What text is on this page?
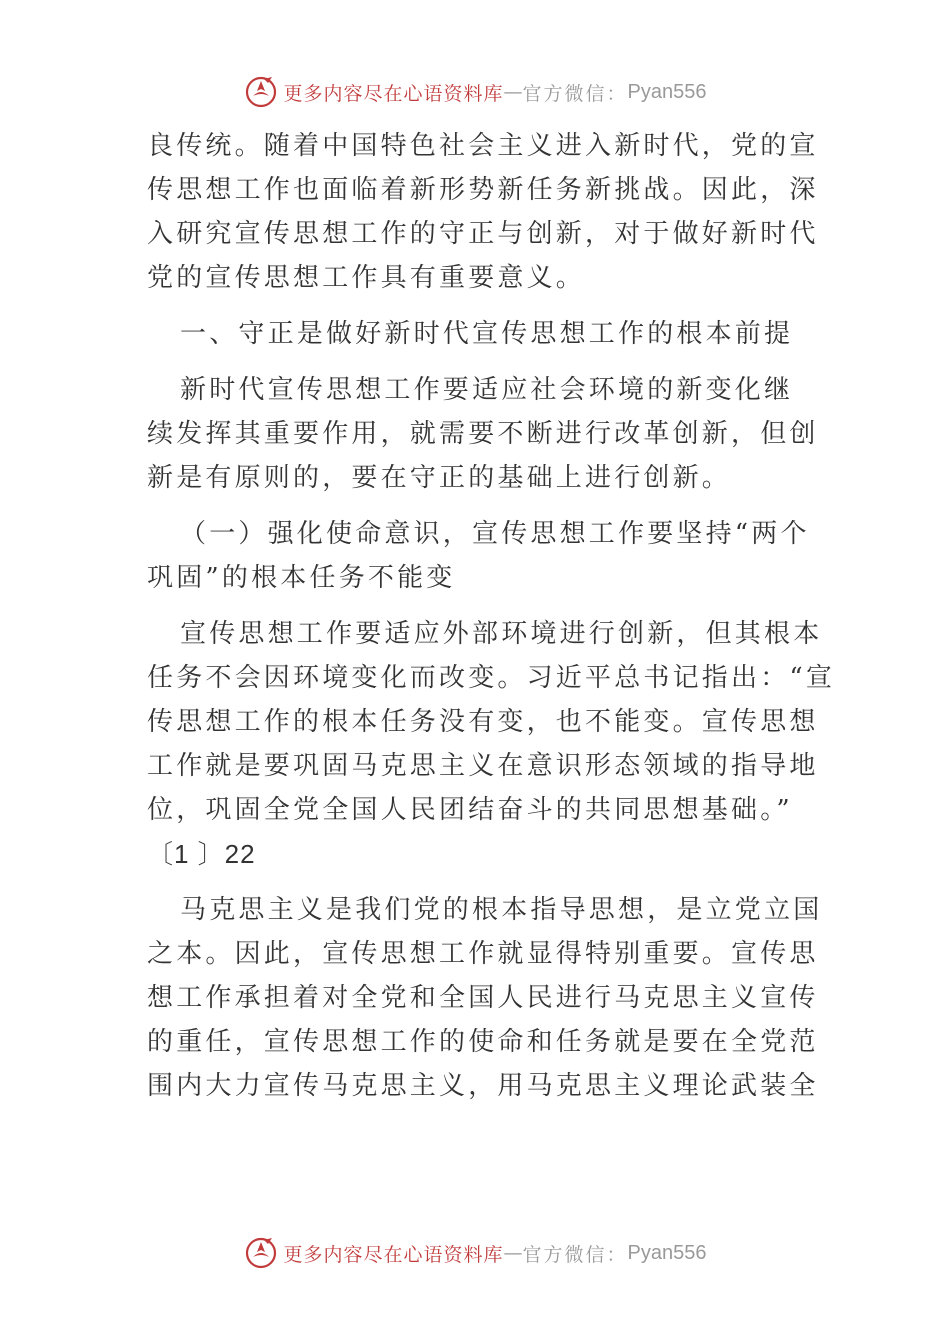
更多内容尽在心语资料库 — 官方微信： Pyan556
良传统。随着中国特色社会主义进入新时代，党的宣
传思想工作也面临着新形势新任务新挑战。因此，深
入研究宣传思想工作的守正与创新，对于做好新时代
党的宣传思想工作具有重要意义。
一、守正是做好新时代宣传思想工作的根本前提
新时代宣传思想工作要适应社会环境的新变化继
续发挥其重要作用，就需要不断进行改革创新，但创
新是有原则的，要在守正的基础上进行创新。
（一）强化使命意识，宣传思想工作要坚持“两个
巩固”的根本任务不能变
宣传思想工作要适应外部环境进行创新，但其根本
任务不会因环境变化而改变。习近平总书记指出：“宣
传思想工作的根本任务没有变，也不能变。宣传思想
工作就是要巩固马克思主义在意识形态领域的指导地
位，巩固全党全国人民团结奋斗的共同思想基础。”
〔1 〕22
马克思主义是我们党的根本指导思想，是立党立国
之本。因此，宣传思想工作就显得特别重要。宣传思
想工作承担着对全党和全国人民进行马克思主义宣传
的重任，宣传思想工作的使命和任务就是要在全党范
围内大力宣传马克思主义，用马克思主义理论武装全
更多内容尽在心语资料库 — 官方微信： Pyan556
